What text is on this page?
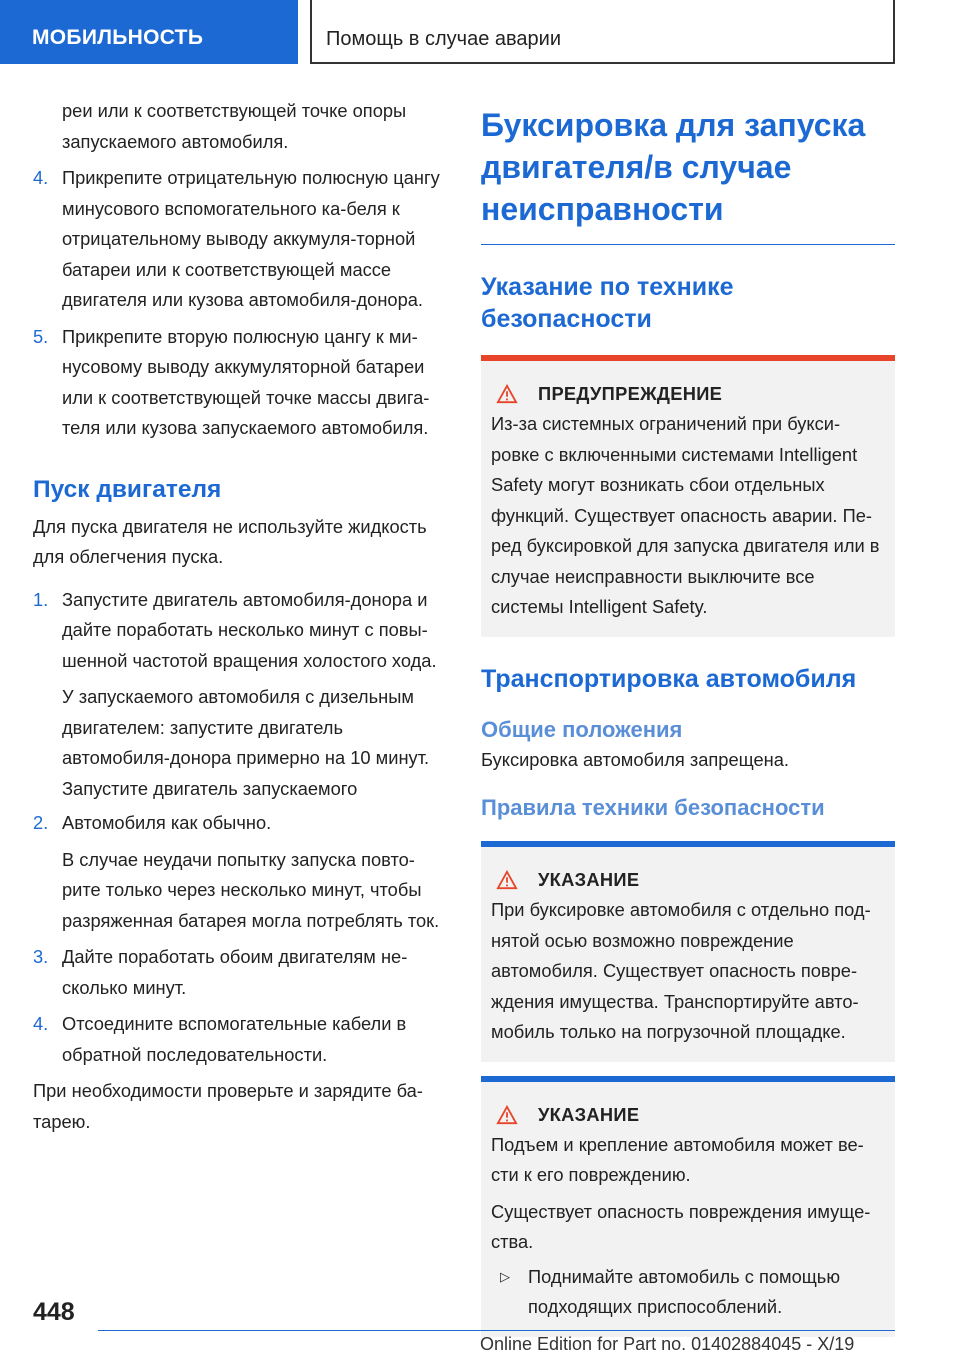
МОБИЛЬНОСТЬ	Помощь в случае аварии

реи или к соответствующей точке опоры запускаемого автомобиля.

4. Прикрепите отрицательную полюсную цангу минусового вспомогательного ка-беля к отрицательному выводу аккумуля-торной батареи или к соответствующей массе двигателя или кузова автомобиля-донора.

5. Прикрепите вторую полюсную цангу к ми-нусовому выводу аккумуляторной батареи или к соответствующей точке массы двига-теля или кузова запускаемого автомобиля.

Пуск двигателя

Для пуска двигателя не используйте жидкость для облегчения пуска.

1. Запустите двигатель автомобиля-донора и дайте поработать несколько минут с повы-шенной частотой вращения холостого хода.

У запускаемого автомобиля с дизельным двигателем: запустите двигатель автомобиля-донора примерно на 10 минут. Запустите двигатель запускаемого

2. Автомобиля как обычно.

В случае неудачи попытку запуска повто-рите только через несколько минут, чтобы разряженная батарея могла потреблять ток.

3. Дайте поработать обоим двигателям не-сколько минут.

4. Отсоедините вспомогательные кабели в обратной последовательности.

При необходимости проверьте и зарядите ба-тарею.

Буксировка для запуска двигателя/в случае неисправности
Указание по технике безопасности
ПРЕДУПРЕЖДЕНИЕ

Из-за системных ограничений при букси-ровке с включенными системами Intelligent Safety могут возникать сбои отдельных функций. Существует опасность аварии. Пе-ред буксировкой для запуска двигателя или в случае неисправности выключите все системы Intelligent Safety.

Транспортировка автомобиля
Общие положения

Буксировка автомобиля запрещена.

Правила техники безопасности
УКАЗАНИЕ

При буксировке автомобиля с отдельно под-нятой осью возможно повреждение автомобиля. Существует опасность повре-ждения имущества. Транспортируйте авто-мобиль только на погрузочной площадке.

УКАЗАНИЕ

Подъем и крепление автомобиля может ве-сти к его повреждению.

Существует опасность повреждения имуще-ства.

▷ Поднимайте автомобиль с помощью подходящих приспособлений.

448
Online Edition for Part no. 01402884045 - X/19
